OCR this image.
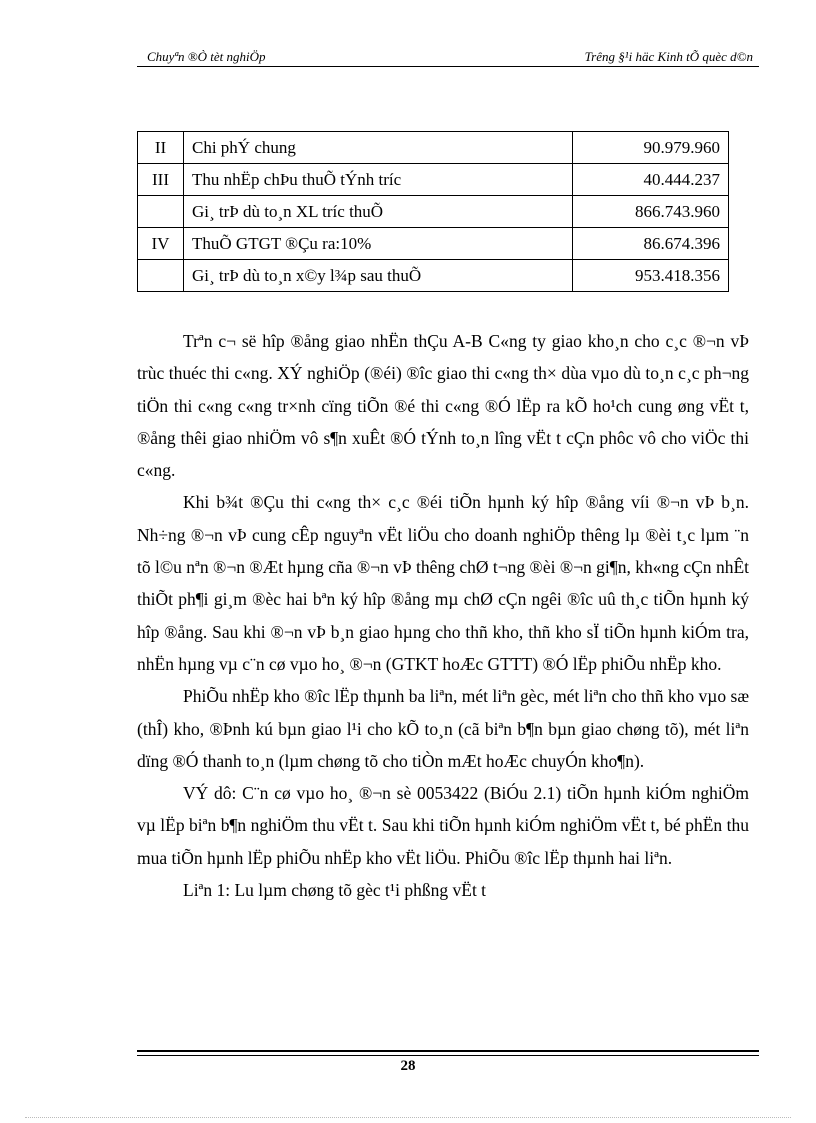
Chuyªn ®Ò tèt nghiÖp	Trêng §¹i häc Kinh tÕ quèc d©n
II	Chi phÝ chung	90.979.960
III	Thu nhËp chÞu thuÕ tÝnh tríc	40.444.237
	Gi¸ trÞ dù to¸n XL tríc thuÕ	866.743.960
IV	ThuÕ GTGT ®Çu ra:10%	86.674.396
	Gi¸ trÞ dù to¸n x©y l¾p sau thuÕ	953.418.356

Trªn c¬ së hîp ®ång giao nhËn thÇu A-B C«ng ty giao kho¸n cho c¸c ®¬n vÞ trùc thuéc thi c«ng. XÝ nghiÖp (®éi) ®îc giao thi c«ng th× dùa vµo dù to¸n c¸c ph¬ng tiÖn thi c«ng c«ng tr×nh cïng tiÕn ®é thi c«ng ®Ó lËp ra kÕ ho¹ch cung øng vËt t, ®ång thêi giao nhiÖm vô s¶n xuÊt ®Ó tÝnh to¸n lîng vËt t cÇn phôc vô cho viÖc thi c«ng.

Khi b¾t ®Çu thi c«ng th× c¸c ®éi tiÕn hµnh ký hîp ®ång víi ®¬n vÞ b¸n. Nh÷ng ®¬n vÞ cung cÊp nguyªn vËt liÖu cho doanh nghiÖp thêng lµ ®èi t¸c lµm ¨n tõ l©u nªn ®¬n ®Æt hµng cña ®¬n vÞ thêng chØ t¬ng ®èi ®¬n gi¶n, kh«ng cÇn nhÊt thiÕt ph¶i gi¸m ®èc hai bªn ký hîp ®ång mµ chØ cÇn ngêi ®îc uû th¸c tiÕn hµnh ký hîp ®ång. Sau khi ®¬n vÞ b¸n giao hµng cho thñ kho, thñ kho sÏ tiÕn hµnh kiÓm tra, nhËn hµng vµ c¨n cø vµo ho¸ ®¬n (GTKT hoÆc GTTT) ®Ó lËp phiÕu nhËp kho.

PhiÕu nhËp kho ®îc lËp thµnh ba liªn, mét liªn gèc, mét liªn cho thñ kho vµo sæ (thÎ) kho, ®Þnh kú bµn giao l¹i cho kÕ to¸n (cã biªn b¶n bµn giao chøng tõ), mét liªn dïng ®Ó thanh to¸n (lµm chøng tõ cho tiÒn mÆt hoÆc chuyÓn kho¶n).

VÝ dô: C¨n cø vµo ho¸ ®¬n sè 0053422 (BiÓu 2.1) tiÕn hµnh kiÓm nghiÖm vµ lËp biªn b¶n nghiÖm thu vËt t. Sau khi tiÕn hµnh kiÓm nghiÖm vËt t, bé phËn thu mua tiÕn hµnh lËp phiÕu nhËp kho vËt liÖu. PhiÕu ®îc lËp thµnh hai liªn.

Liªn 1: Lu lµm chøng tõ gèc t¹i phßng vËt t

28
